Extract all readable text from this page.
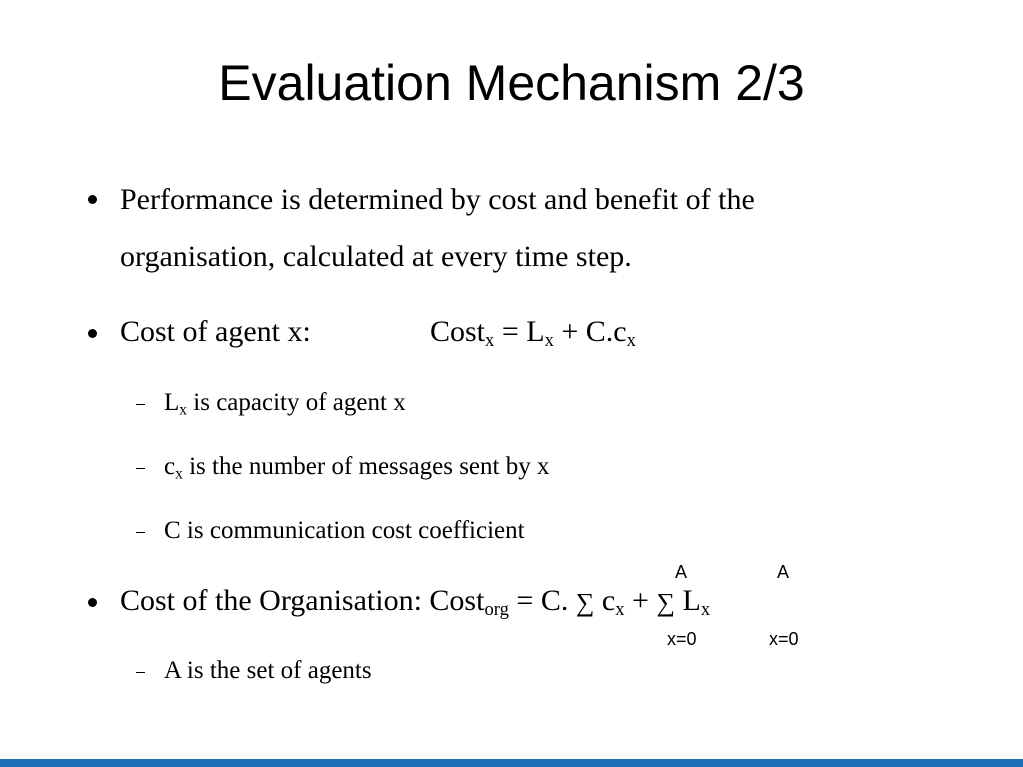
Evaluation Mechanism 2/3
Performance is determined by cost and benefit of the
organisation, calculated at every time step.
Cost of agent x:	Cost$_x$ = $L_x + C.c_x$
$L_x$ is capacity of agent x
$c_x$ is the number of messages sent by x
C is communication cost coefficient
Cost of the Organisation: Cost$_{org}$ = C. ∑ $c_x$ + ∑ $L_x$
A
x=0
A
x=0
A is the set of agents
